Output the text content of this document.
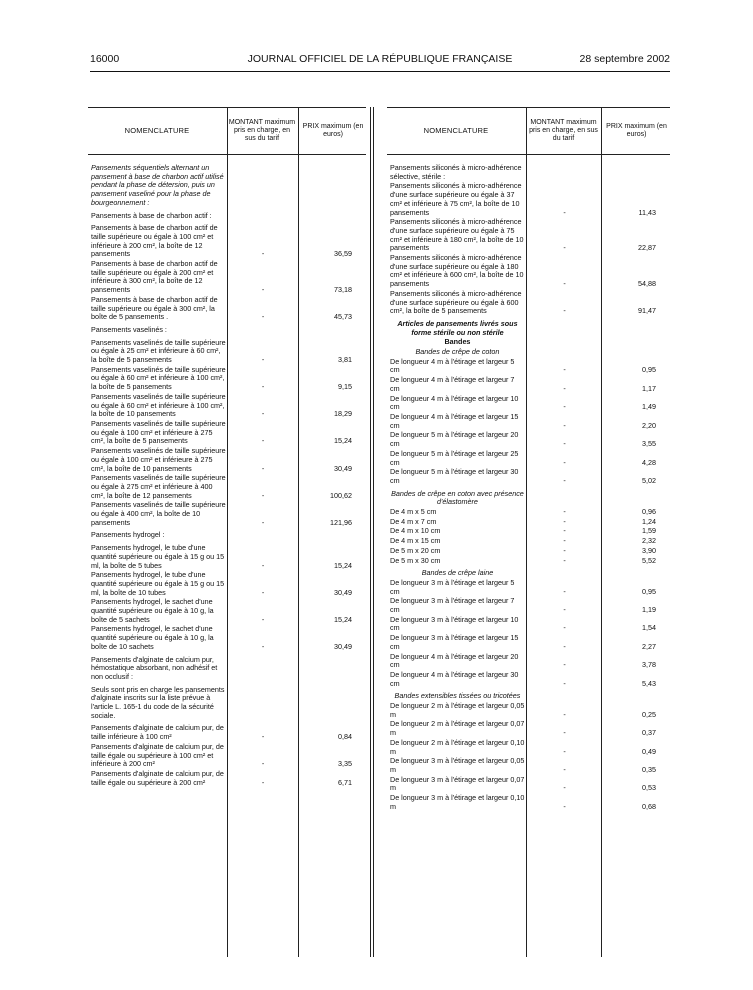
16000	JOURNAL OFFICIEL DE LA RÉPUBLIQUE FRANÇAISE	28 septembre 2002
NOMENCLATURE
MONTANT maximum pris en charge, en sus du tarif
PRIX maximum (en euros)
Pansements séquentiels alternant un pansement à base de charbon actif utilisé pendant la phase de détersion, puis un pansement vaseliné pour la phase de bourgeonnement :
Pansements à base de charbon actif :
Pansements à base de charbon actif de taille supérieure ou égale à 100 cm² et inférieure à 200 cm², la boîte de 12 pansements	-	36,59
Pansements à base de charbon actif de taille supérieure ou égale à 200 cm² et inférieure à 300 cm², la boîte de 12 pansements	-	73,18
Pansements à base de charbon actif de taille supérieure ou égale à 300 cm², la boîte de 5 pansements .	-	45,73
Pansements vaselinés :
Pansements vaselinés de taille supérieure ou égale à 25 cm² et inférieure à 60 cm², la boîte de 5 pansements	-	3,81
Pansements vaselinés de taille supérieure ou égale à 60 cm² et inférieure à 100 cm², la boîte de 5 pansements	-	9,15
Pansements vaselinés de taille supérieure ou égale à 60 cm² et inférieure à 100 cm², la boîte de 10 pansements	-	18,29
Pansements vaselinés de taille supérieure ou égale à 100 cm² et inférieure à 275 cm², la boîte de 5 pansements	-	15,24
Pansements vaselinés de taille supérieure ou égale à 100 cm² et inférieure à 275 cm², la boîte de 10 pansements	-	30,49
Pansements vaselinés de taille supérieure ou égale à 275 cm² et inférieure à 400 cm², la boîte de 12 pansements	-	100,62
Pansements vaselinés de taille supérieure ou égale à 400 cm², la boîte de 10 pansements	-	121,96
Pansements hydrogel :
Pansements hydrogel, le tube d'une quantité supérieure ou égale à 15 g ou 15 ml, la boîte de 5 tubes	-	15,24
Pansements hydrogel, le tube d'une quantité supérieure ou égale à 15 g ou 15 ml, la boîte de 10 tubes	-	30,49
Pansements hydrogel, le sachet d'une quantité supérieure ou égale à 10 g, la boîte de 5 sachets	-	15,24
Pansements hydrogel, le sachet d'une quantité supérieure ou égale à 10 g, la boîte de 10 sachets	-	30,49
Pansements d'alginate de calcium pur, hémostatique absorbant, non adhésif et non occlusif :
Seuls sont pris en charge les pansements d'alginate inscrits sur la liste prévue à l'article L. 165-1 du code de la sécurité sociale.
Pansements d'alginate de calcium pur, de taille inférieure à 100 cm²	-	0,84
Pansements d'alginate de calcium pur, de taille égale ou supérieure à 100 cm² et inférieure à 200 cm²	-	3,35
Pansements d'alginate de calcium pur, de taille égale ou supérieure à 200 cm²	-	6,71
NOMENCLATURE
MONTANT maximum pris en charge, en sus du tarif
PRIX maximum (en euros)
Pansements siliconés à micro-adhérence sélective, stérile :
Pansements siliconés à micro-adhérence d'une surface supérieure ou égale à 37 cm² et inférieure à 75 cm², la boîte de 10 pansements	-	11,43
Pansements siliconés à micro-adhérence d'une surface supérieure ou égale à 75 cm² et inférieure à 180 cm², la boîte de 10 pansements	-	22,87
Pansements siliconés à micro-adhérence d'une surface supérieure ou égale à 180 cm² et inférieure à 600 cm², la boîte de 10 pansements	-	54,88
Pansements siliconés à micro-adhérence d'une surface supérieure ou égale à 600 cm², la boîte de 5 pansements	-	91,47
Articles de pansements livrés sous forme stérile ou non stérile
Bandes
Bandes de crêpe de coton
De longueur 4 m à l'étirage et largeur 5 cm	-	0,95
De longueur 4 m à l'étirage et largeur 7 cm	-	1,17
De longueur 4 m à l'étirage et largeur 10 cm	-	1,49
De longueur 4 m à l'étirage et largeur 15 cm	-	2,20
De longueur 5 m à l'étirage et largeur 20 cm	-	3,55
De longueur 5 m à l'étirage et largeur 25 cm	-	4,28
De longueur 5 m à l'étirage et largeur 30 cm	-	5,02
Bandes de crêpe en coton avec présence d'élastomère
De 4 m x 5 cm	-	0,96
De 4 m x 7 cm	-	1,24
De 4 m x 10 cm	-	1,59
De 4 m x 15 cm	-	2,32
De 5 m x 20 cm	-	3,90
De 5 m x 30 cm	-	5,52
Bandes de crêpe laine
De longueur 3 m à l'étirage et largeur 5 cm	-	0,95
De longueur 3 m à l'étirage et largeur 7 cm	-	1,19
De longueur 3 m à l'étirage et largeur 10 cm	-	1,54
De longueur 3 m à l'étirage et largeur 15 cm	-	2,27
De longueur 4 m à l'étirage et largeur 20 cm	-	3,78
De longueur 4 m à l'étirage et largeur 30 cm	-	5,43
Bandes extensibles tissées ou tricotées
De longueur 2 m à l'étirage et largeur 0,05 m	-	0,25
De longueur 2 m à l'étirage et largeur 0,07 m	-	0,37
De longueur 2 m à l'étirage et largeur 0,10 m	-	0,49
De longueur 3 m à l'étirage et largeur 0,05 m	-	0,35
De longueur 3 m à l'étirage et largeur 0,07 m	-	0,53
De longueur 3 m à l'étirage et largeur 0,10 m	-	0,68
